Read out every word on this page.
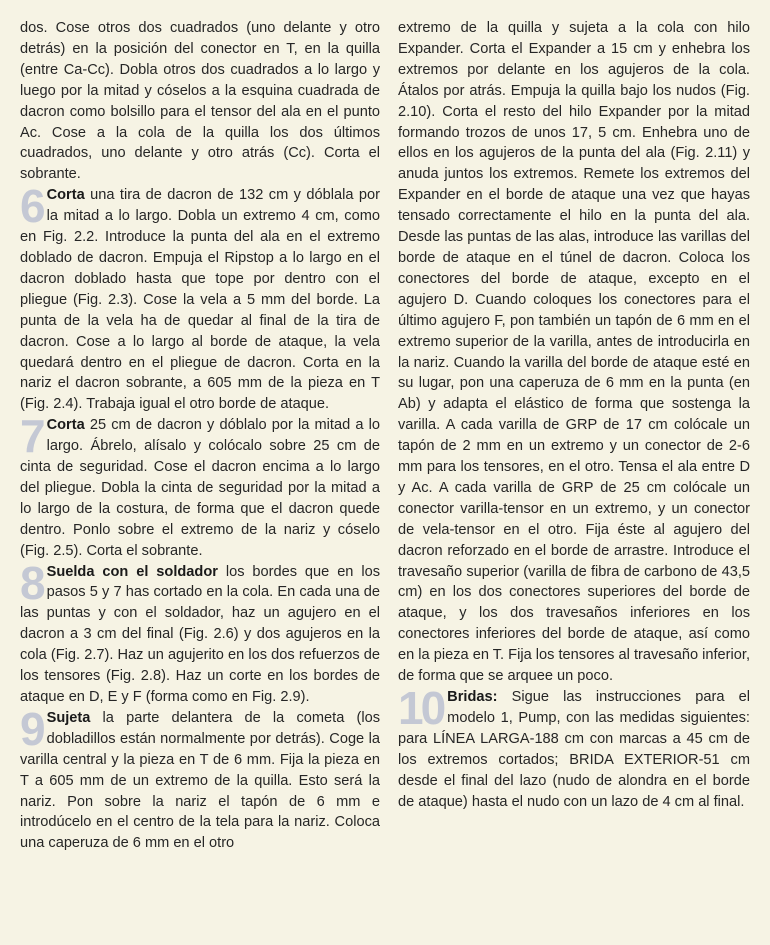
dos. Cose otros dos cuadrados (uno delante y otro detrás) en la posición del conector en T, en la quilla (entre Ca-Cc). Dobla otros dos cuadrados a lo largo y luego por la mitad y cóselos a la esquina cuadrada de dacron como bolsillo para el tensor del ala en el punto Ac. Cose a la cola de la quilla los dos últimos cuadrados, uno delante y otro atrás (Cc). Corta el sobrante.

6 Corta una tira de dacron de 132 cm y dóblala por la mitad a lo largo. Dobla un extremo 4 cm, como en Fig. 2.2. Introduce la punta del ala en el extremo doblado de dacron. Empuja el Ripstop a lo largo en el dacron doblado hasta que tope por dentro con el pliegue (Fig. 2.3). Cose la vela a 5 mm del borde. La punta de la vela ha de quedar al final de la tira de dacron. Cose a lo largo al borde de ataque, la vela quedará dentro en el pliegue de dacron. Corta en la nariz el dacron sobrante, a 605 mm de la pieza en T (Fig. 2.4). Trabaja igual el otro borde de ataque.
7 Corta 25 cm de dacron y dóblalo por la mitad a lo largo. Ábrelo, alísalo y colócalo sobre 25 cm de cinta de seguridad. Cose el dacron encima a lo largo del pliegue. Dobla la cinta de seguridad por la mitad a lo largo de la costura, de forma que el dacron quede dentro. Ponlo sobre el extremo de la nariz y cóselo (Fig. 2.5). Corta el sobrante.
8 Suelda con el soldador los bordes que en los pasos 5 y 7 has cortado en la cola. En cada una de las puntas y con el soldador, haz un agujero en el dacron a 3 cm del final (Fig. 2.6) y dos agujeros en la cola (Fig. 2.7). Haz un agujerito en los dos refuerzos de los tensores (Fig. 2.8). Haz un corte en los bordes de ataque en D, E y F (forma como en Fig. 2.9).
9 Sujeta la parte delantera de la cometa (los dobladillos están normalmente por detrás). Coge la varilla central y la pieza en T de 6 mm. Fija la pieza en T a 605 mm de un extremo de la quilla. Esto será la nariz. Pon sobre la nariz el tapón de 6 mm e introdúcelo en el centro de la tela para la nariz. Coloca una caperuza de 6 mm en el otro

extremo de la quilla y sujeta a la cola con hilo Expander. Corta el Expander a 15 cm y enhebra los extremos por delante en los agujeros de la cola. Átalos por atrás. Empuja la quilla bajo los nudos (Fig. 2.10). Corta el resto del hilo Expander por la mitad formando trozos de unos 17, 5 cm. Enhebra uno de ellos en los agujeros de la punta del ala (Fig. 2.11) y anuda juntos los extremos. Remete los extremos del Expander en el borde de ataque una vez que hayas tensado correctamente el hilo en la punta del ala. Desde las puntas de las alas, introduce las varillas del borde de ataque en el túnel de dacron. Coloca los conectores del borde de ataque, excepto en el agujero D. Cuando coloques los conectores para el último agujero F, pon también un tapón de 6 mm en el extremo superior de la varilla, antes de introducirla en la nariz. Cuando la varilla del borde de ataque esté en su lugar, pon una caperuza de 6 mm en la punta (en Ab) y adapta el elástico de forma que sostenga la varilla. A cada varilla de GRP de 17 cm colócale un tapón de 2 mm en un extremo y un conector de 2-6 mm para los tensores, en el otro. Tensa el ala entre D y Ac. A cada varilla de GRP de 25 cm colócale un conector varilla-tensor en un extremo, y un conector de vela-tensor en el otro. Fija éste al agujero del dacron reforzado en el borde de arrastre. Introduce el travesaño superior (varilla de fibra de carbono de 43,5 cm) en los dos conectores superiores del borde de ataque, y los dos travesaños inferiores en los conectores inferiores del borde de ataque, así como en la pieza en T. Fija los tensores al travesaño inferior, de forma que se arquee un poco.

10 Bridas: Sigue las instrucciones para el modelo 1, Pump, con las medidas siguientes: para LÍNEA LARGA-188 cm con marcas a 45 cm de los extremos cortados; BRIDA EXTERIOR-51 cm desde el final del lazo (nudo de alondra en el borde de ataque) hasta el nudo con un lazo de 4 cm al final.
